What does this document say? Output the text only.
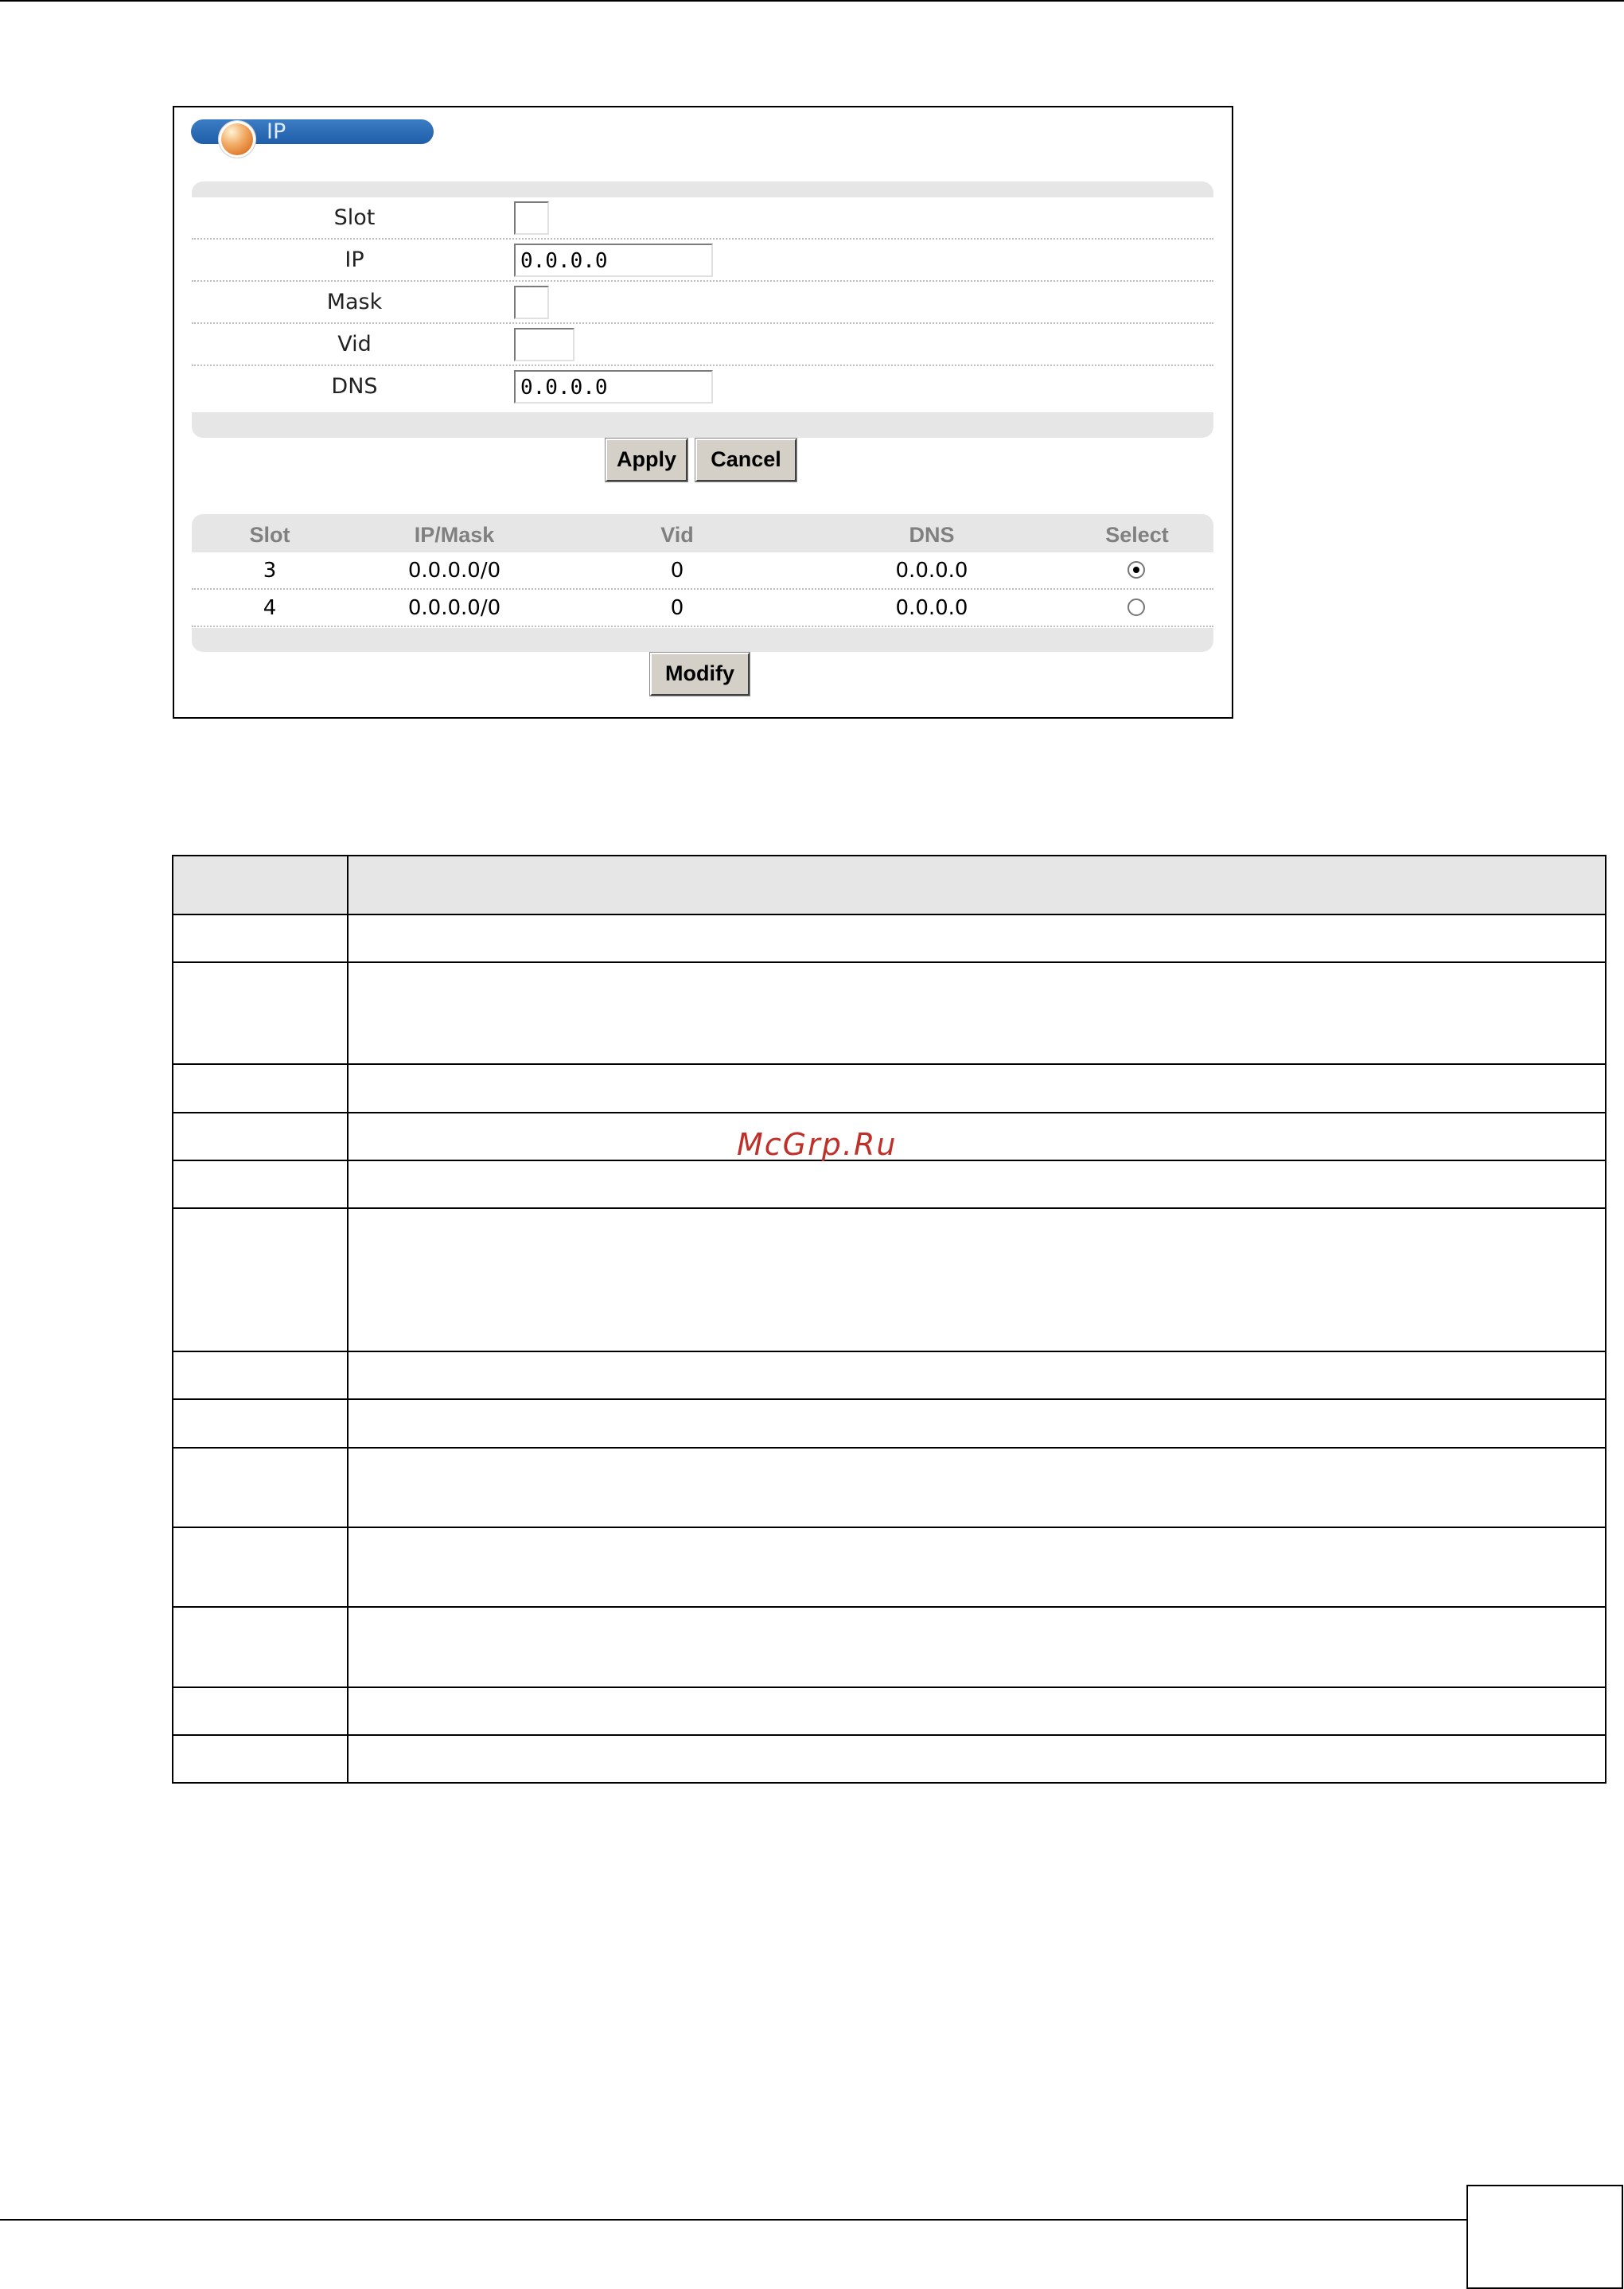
IP
Slot
IP	0.0.0.0
Mask
Vid
DNS	0.0.0.0
Apply	Cancel
Slot	IP/Mask	Vid	DNS	Select
3	0.0.0.0/0	0	0.0.0.0
4	0.0.0.0/0	0	0.0.0.0
Modify

McGrp.Ru
